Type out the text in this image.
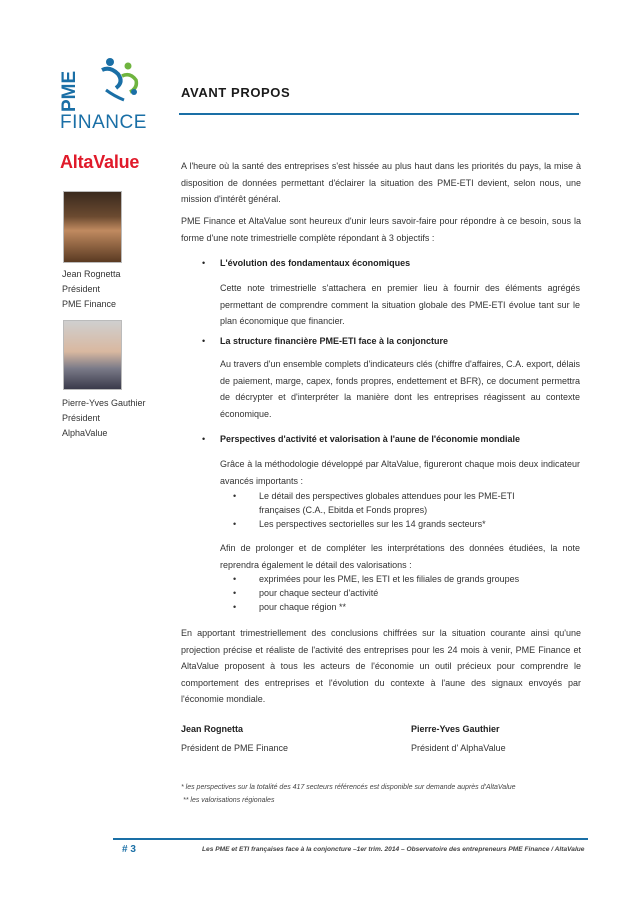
PME
FINANCE
AltaValue
Jean Rognetta
Président
PME Finance
Pierre-Yves Gauthier
Président
AlphaValue
AVANT PROPOS
A l'heure où la santé des entreprises s'est hissée au plus haut dans les priorités du pays, la mise à disposition de données permettant d'éclairer la situation des PME-ETI devient, selon nous, une mission d'intérêt général.
PME Finance et AltaValue sont heureux d'unir leurs savoir-faire pour répondre à ce besoin, sous la forme d'une note trimestrielle complète répondant à 3 objectifs :
• L'évolution des fondamentaux économiques
Cette note trimestrielle s'attachera en premier lieu à fournir des éléments agrégés permettant de comprendre comment la situation globale des PME-ETI évolue tant sur le plan économique que financier.
• La structure financière PME-ETI face à la conjoncture
Au travers d'un ensemble complets d'indicateurs clés (chiffre d'affaires, C.A. export, délais de paiement, marge, capex, fonds propres, endettement et BFR), ce document permettra de décrypter et d'interpréter la manière dont les entreprises réagissent au contexte économique.
• Perspectives d'activité et valorisation à l'aune de l'économie mondiale
Grâce à la méthodologie développé par AltaValue, figureront chaque mois deux indicateur avancés importants :
•	Le détail des perspectives globales attendues pour les PME-ETI
françaises (C.A., Ebitda et Fonds propres)
•	Les perspectives sectorielles sur les 14 grands secteurs*
Afin de prolonger et de compléter les interprétations des données étudiées, la note reprendra également le détail des valorisations :
•	exprimées pour les PME, les ETI et les filiales de grands groupes
•	pour chaque secteur d'activité
•	pour chaque région **
En apportant trimestriellement des conclusions chiffrées sur la situation courante ainsi qu'une projection précise et réaliste de l'activité des entreprises pour les 24 mois à venir, PME Finance et AltaValue proposent à tous les acteurs de l'économie un outil précieux pour comprendre le comportement des entreprises et l'évolution du contexte à l'aune des signaux envoyés par l'économie mondiale.
Jean Rognetta
Président de PME Finance
Pierre-Yves Gauthier
Président d' AlphaValue
* les perspectives sur la totalité des 417 secteurs référencés est disponible sur demande auprès d'AltaValue
** les valorisations régionales
# 3	Les PME et ETI françaises face à la conjoncture –1er trim. 2014 – Observatoire des entrepreneurs PME Finance / AltaValue
